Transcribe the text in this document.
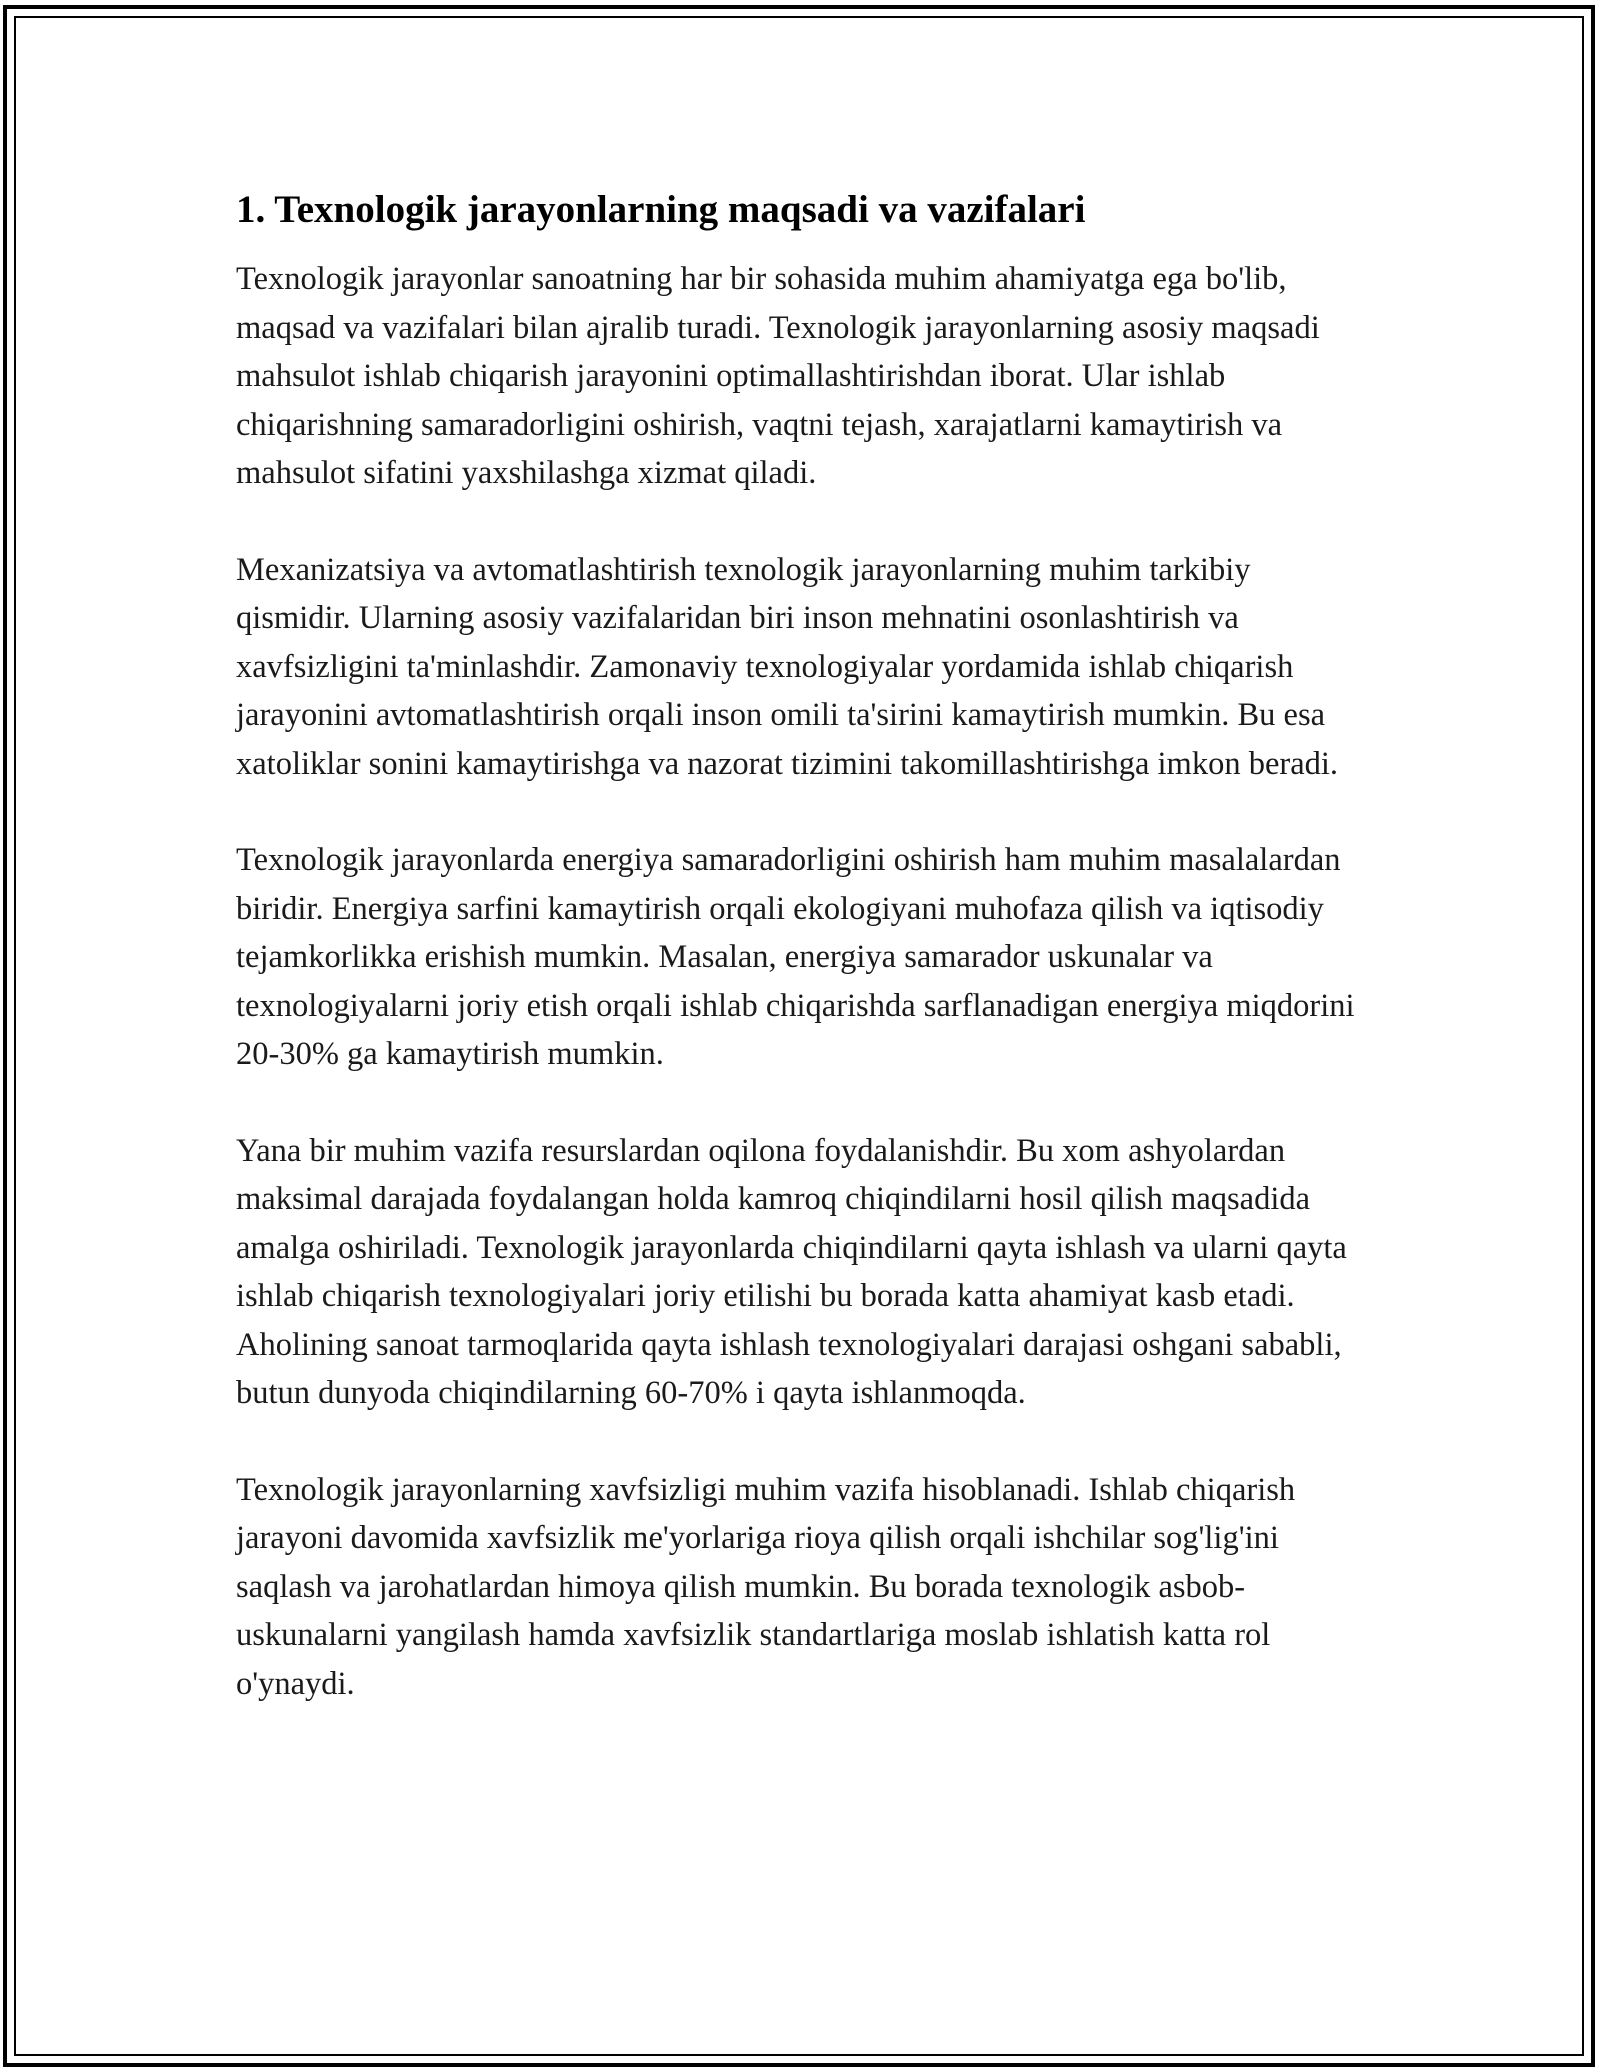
1. Texnologik jarayonlarning maqsadi va vazifalari

Texnologik jarayonlar sanoatning har bir sohasida muhim ahamiyatga ega bo'lib, maqsad va vazifalari bilan ajralib turadi. Texnologik jarayonlarning asosiy maqsadi mahsulot ishlab chiqarish jarayonini optimallashtirishdan iborat. Ular ishlab chiqarishning samaradorligini oshirish, vaqtni tejash, xarajatlarni kamaytirish va mahsulot sifatini yaxshilashga xizmat qiladi.

Mexanizatsiya va avtomatlashtirish texnologik jarayonlarning muhim tarkibiy qismidir. Ularning asosiy vazifalaridan biri inson mehnatini osonlashtirish va xavfsizligini ta'minlashdir. Zamonaviy texnologiyalar yordamida ishlab chiqarish jarayonini avtomatlashtirish orqali inson omili ta'sirini kamaytirish mumkin. Bu esa xatoliklar sonini kamaytirishga va nazorat tizimini takomillashtirishga imkon beradi.

Texnologik jarayonlarda energiya samaradorligini oshirish ham muhim masalalardan biridir. Energiya sarfini kamaytirish orqali ekologiyani muhofaza qilish va iqtisodiy tejamkorlikka erishish mumkin. Masalan, energiya samarador uskunalar va texnologiyalarni joriy etish orqali ishlab chiqarishda sarflanadigan energiya miqdorini 20-30% ga kamaytirish mumkin.

Yana bir muhim vazifa resurslardan oqilona foydalanishdir. Bu xom ashyolardan maksimal darajada foydalangan holda kamroq chiqindilarni hosil qilish maqsadida amalga oshiriladi. Texnologik jarayonlarda chiqindilarni qayta ishlash va ularni qayta ishlab chiqarish texnologiyalari joriy etilishi bu borada katta ahamiyat kasb etadi. Aholining sanoat tarmoqlarida qayta ishlash texnologiyalari darajasi oshgani sababli, butun dunyoda chiqindilarning 60-70% i qayta ishlanmoqda.

Texnologik jarayonlarning xavfsizligi muhim vazifa hisoblanadi. Ishlab chiqarish jarayoni davomida xavfsizlik me'yorlariga rioya qilish orqali ishchilar sog'lig'ini saqlash va jarohatlardan himoya qilish mumkin. Bu borada texnologik asbob-uskunalarni yangilash hamda xavfsizlik standartlariga moslab ishlatish katta rol o'ynaydi.
